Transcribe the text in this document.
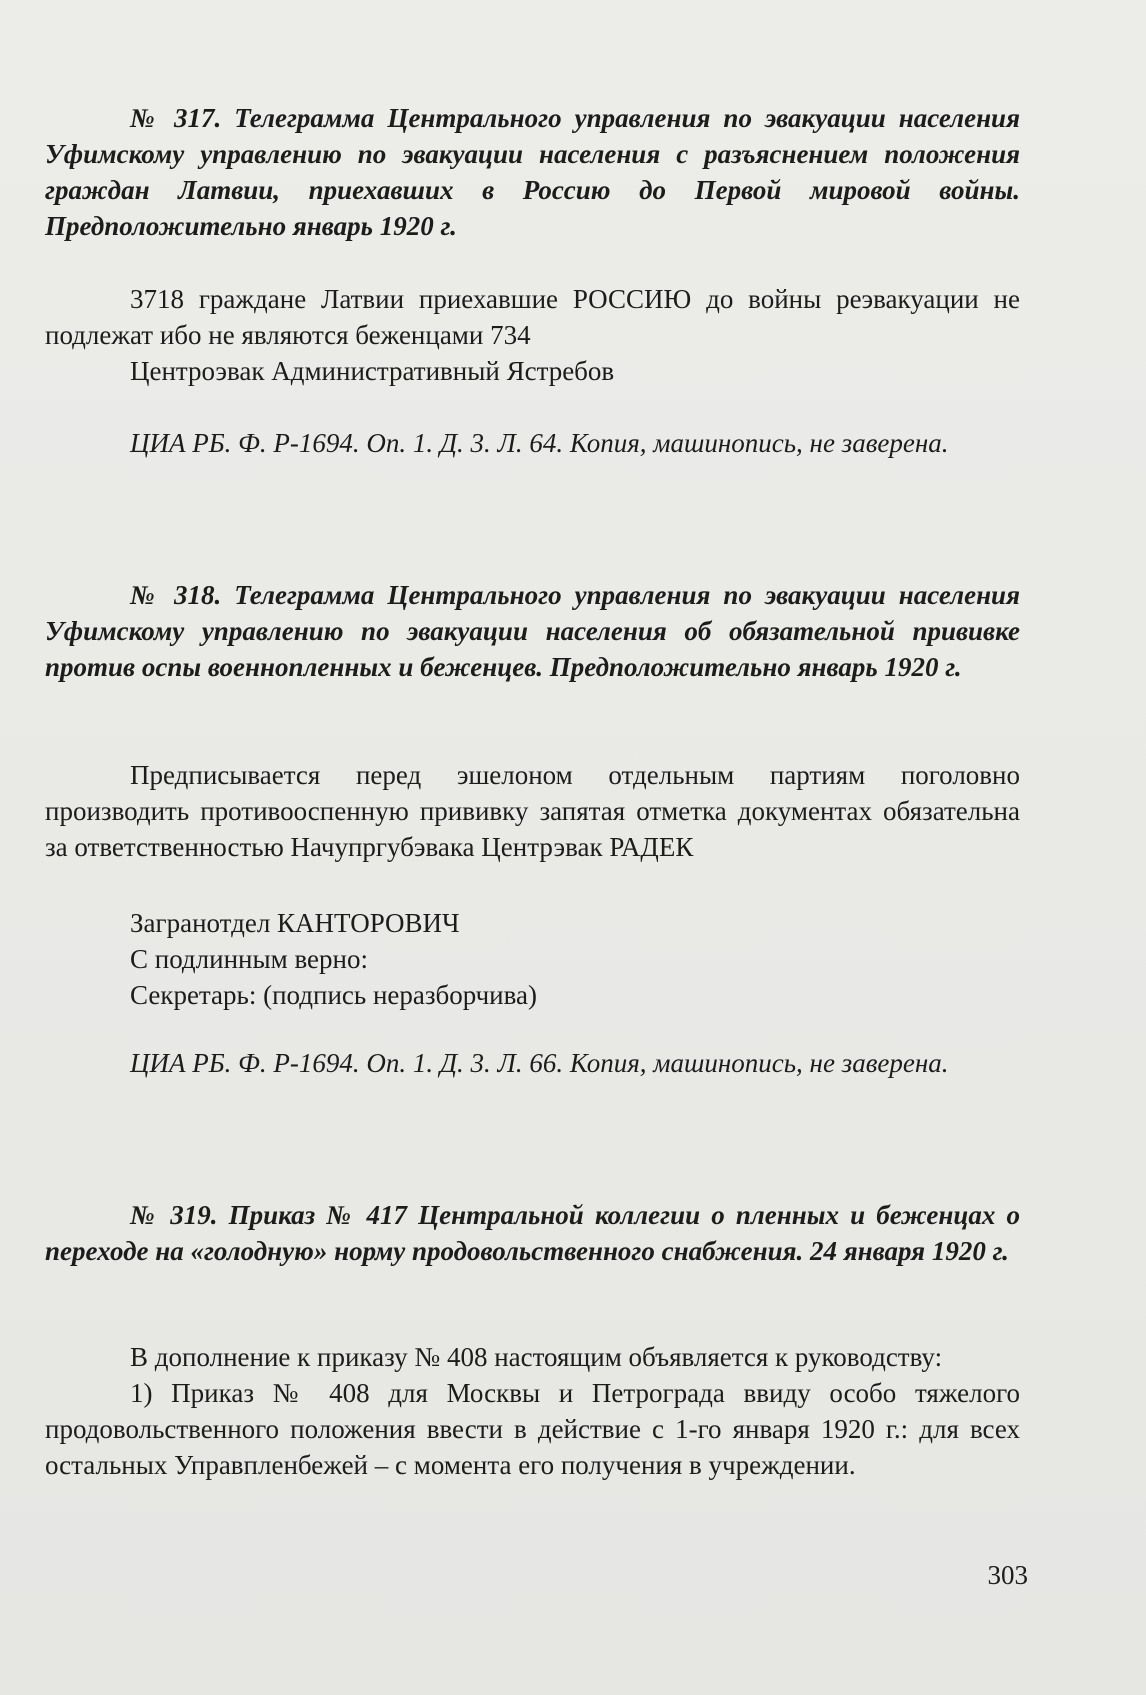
№ 317. Телеграмма Центрального управления по эвакуации населения Уфимскому управлению по эвакуации населения с разъяснением положения граждан Латвии, приехавших в Россию до Первой мировой войны. Предположительно январь 1920 г.

3718 граждане Латвии приехавшие РОССИЮ до войны реэвакуации не подлежат ибо не являются беженцами 734

Центроэвак Административный Ястребов

ЦИА РБ. Ф. Р-1694. Оп. 1. Д. 3. Л. 64. Копия, машинопись, не заверена.

№ 318. Телеграмма Центрального управления по эвакуации населения Уфимскому управлению по эвакуации населения об обязательной прививке против оспы военнопленных и беженцев. Предположительно январь 1920 г.

Предписывается перед эшелоном отдельным партиям поголовно производить противооспенную прививку запятая отметка документах обязательна за ответственностью Начупргубэвака Центрэвак РАДЕК

Загранотдел КАНТОРОВИЧ

С подлинным верно:

Секретарь: (подпись неразборчива)

ЦИА РБ. Ф. Р-1694. Оп. 1. Д. 3. Л. 66. Копия, машинопись, не заверена.

№ 319. Приказ № 417 Центральной коллегии о пленных и беженцах о переходе на «голодную» норму продовольственного снабжения. 24 января 1920 г.

В дополнение к приказу № 408 настоящим объявляется к руководству:

1) Приказ № 408 для Москвы и Петрограда ввиду особо тяжелого продовольственного положения ввести в действие с 1-го января 1920 г.: для всех остальных Управпленбежей – с момента его получения в учреждении.

303
